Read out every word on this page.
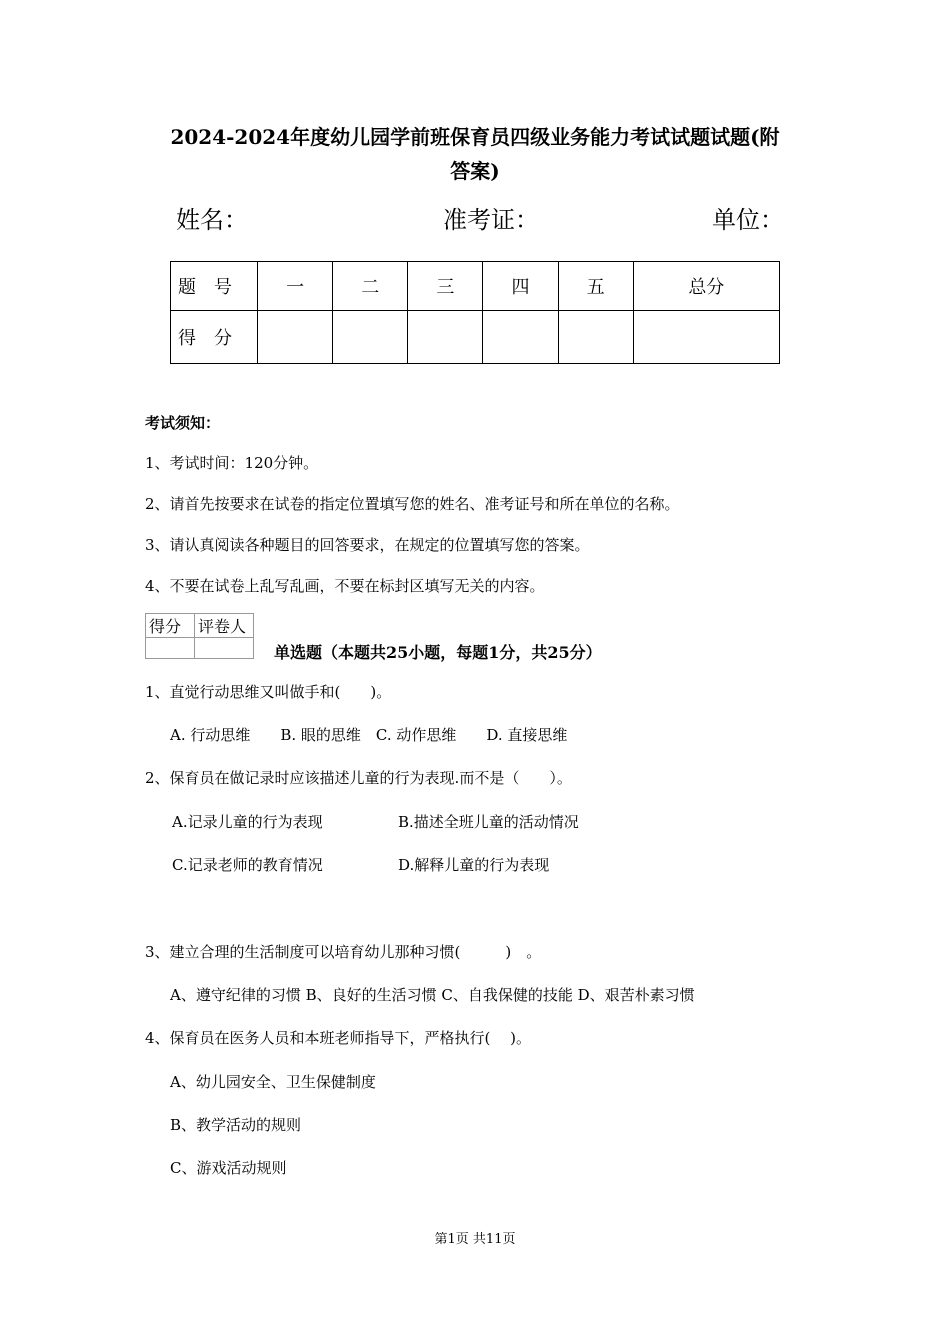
2024-2024年度幼儿园学前班保育员四级业务能力考试试题试题(附
答案)
姓名：	准考证：	单位：
题号	一	二	三	四	五	总分
得分						
考试须知：
1、考试时间：120分钟。
2、请首先按要求在试卷的指定位置填写您的姓名、准考证号和所在单位的名称。
3、请认真阅读各种题目的回答要求，在规定的位置填写您的答案。
4、不要在试卷上乱写乱画，不要在标封区填写无关的内容。
得分	评卷人

单选题（本题共25小题，每题1分，共25分）
1、直觉行动思维又叫做手和(　　)。
A. 行动思维　　B. 眼的思维　C. 动作思维　　D. 直接思维
2、保育员在做记录时应该描述儿童的行为表现.而不是（　　）。
A.记录儿童的行为表现	B.描述全班儿童的活动情况
C.记录老师的教育情况	D.解释儿童的行为表现
3、建立合理的生活制度可以培育幼儿那种习惯(　　　)　。
A、遵守纪律的习惯 B、良好的生活习惯 C、自我保健的技能 D、艰苦朴素习惯
4、保育员在医务人员和本班老师指导下，严格执行(　 )。
A、幼儿园安全、卫生保健制度
B、教学活动的规则
C、游戏活动规则
第1页 共11页
